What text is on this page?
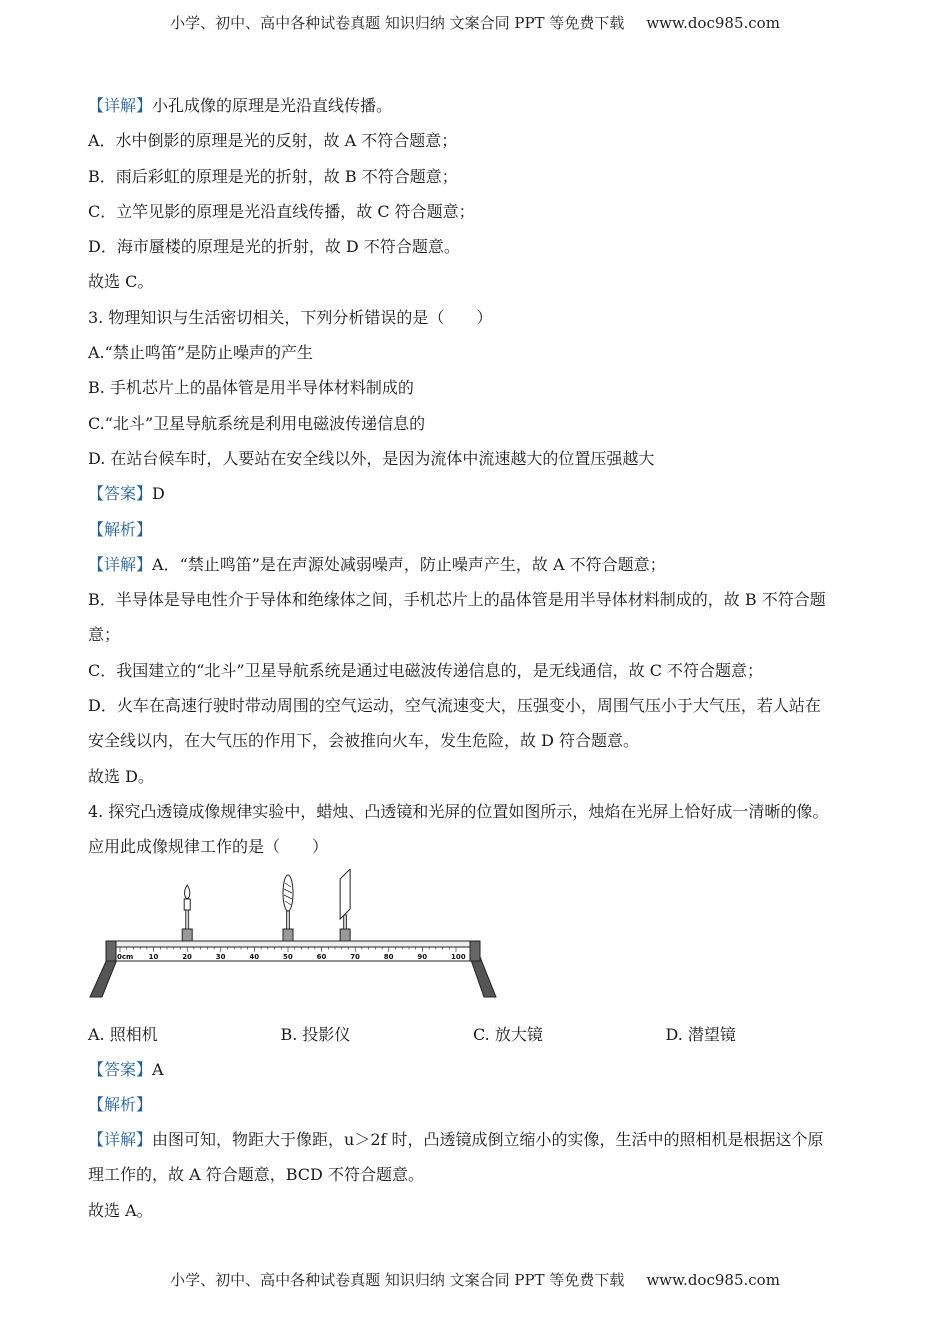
小学、初中、高中各种试卷真题 知识归纳 文案合同 PPT 等免费下载 www.doc985.com
【详解】小孔成像的原理是光沿直线传播。
A．水中倒影的原理是光的反射，故 A 不符合题意；
B．雨后彩虹的原理是光的折射，故 B 不符合题意；
C．立竿见影的原理是光沿直线传播，故 C 符合题意；
D．海市蜃楼的原理是光的折射，故 D 不符合题意。
故选 C。
3. 物理知识与生活密切相关，下列分析错误的是（　　）
A.“禁止鸣笛”是防止噪声的产生
B. 手机芯片上的晶体管是用半导体材料制成的
C.“北斗”卫星导航系统是利用电磁波传递信息的
D. 在站台候车时，人要站在安全线以外，是因为流体中流速越大的位置压强越大
【答案】D
【解析】
【详解】A．“禁止鸣笛”是在声源处减弱噪声，防止噪声产生，故 A 不符合题意；
B．半导体是导电性介于导体和绝缘体之间，手机芯片上的晶体管是用半导体材料制成的，故 B 不符合题
意；
C．我国建立的“北斗”卫星导航系统是通过电磁波传递信息的，是无线通信，故 C 不符合题意；
D．火车在高速行驶时带动周围的空气运动，空气流速变大，压强变小，周围气压小于大气压，若人站在
安全线以内，在大气压的作用下，会被推向火车，发生危险，故 D 符合题意。
故选 D。
4. 探究凸透镜成像规律实验中，蜡烛、凸透镜和光屏的位置如图所示，烛焰在光屏上恰好成一清晰的像。
应用此成像规律工作的是（　　）
0cm 10	20	30	40	50	60	70	80	90	100
A. 照相机	B. 投影仪	C. 放大镜	D. 潜望镜
【答案】A
【解析】
【详解】由图可知，物距大于像距，u＞2f 时，凸透镜成倒立缩小的实像，生活中的照相机是根据这个原
理工作的，故 A 符合题意，BCD 不符合题意。
故选 A。
小学、初中、高中各种试卷真题 知识归纳 文案合同 PPT 等免费下载 www.doc985.com
